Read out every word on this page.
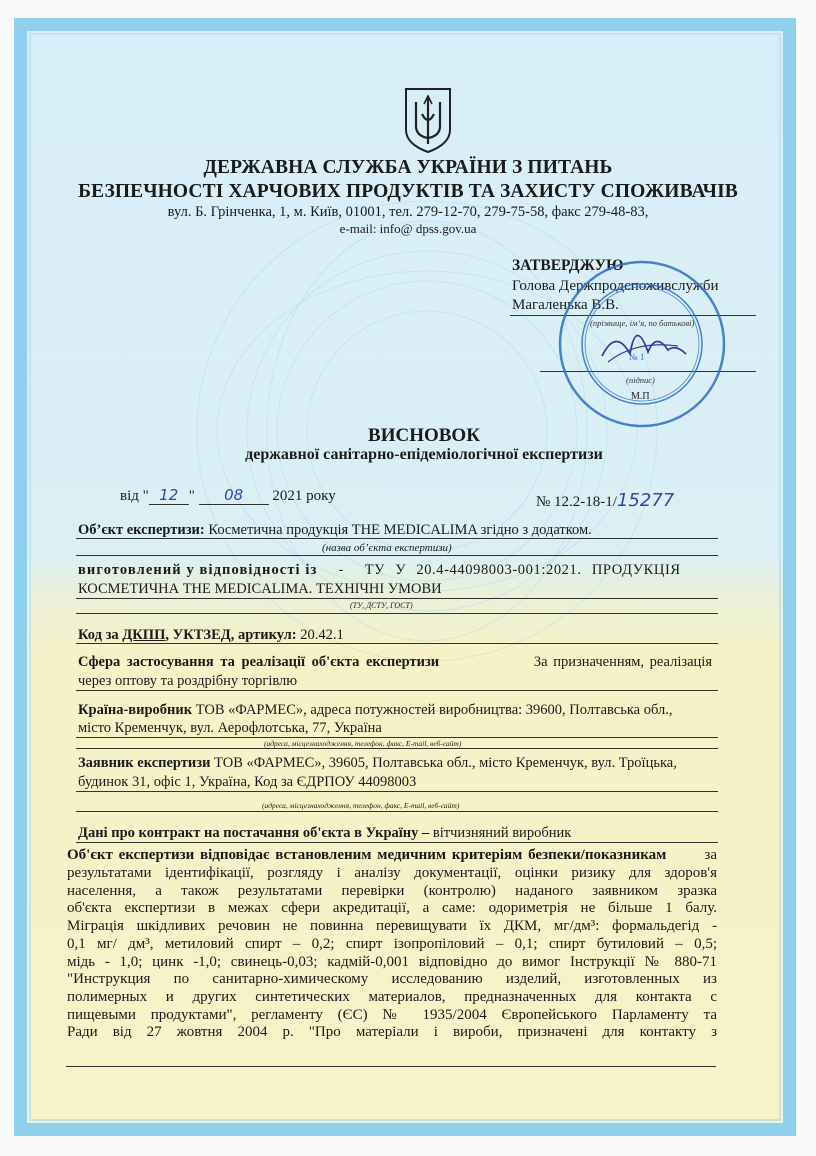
ДЕРЖАВНА СЛУЖБА УКРАЇНИ З ПИТАНЬ
БЕЗПЕЧНОСТІ ХАРЧОВИХ ПРОДУКТІВ ТА ЗАХИСТУ СПОЖИВАЧІВ
вул. Б. Грінченка, 1, м. Київ, 01001, тел. 279-12-70, 279-75-58, факс 279-48-83,
e-mail: info@ dpss.gov.ua
ЗАТВЕРДЖУЮ
Голова Держпродспоживслужби
Магаленька В.В.
(прізвище, ім’я, по батькові)
(підпис)
М.П
№ 1
ВИСНОВОК
державної санітарно-епідеміологічної експертизи
від " 12 " 08 2021 року	№ 12.2-18-1/15277
Об’єкт експертизи: Косметична продукція THE MEDICALIMA згідно з додатком.
(назва об’єкта експертизи)
виготовлений у відповідності із - ТУ У 20.4-44098003-001:2021. ПРОДУКЦІЯ
КОСМЕТИЧНА THE MEDICALIMA. ТЕХНІЧНІ УМОВИ
(ТУ, ДСТУ, ГОСТ)
Код за ДКПП, УКТЗЕД, артикул: 20.42.1
Сфера застосування та реалізації об'єкта експертизи	За призначенням, реалізація
через оптову та роздрібну торгівлю
Країна-виробник ТОВ «ФАРМЕС», адреса потужностей виробництва: 39600, Полтавська обл.,
місто Кременчук, вул. Аерофлотська, 77, Україна
(адреса, місцезнаходження, телефон, факс, E-mail, веб-сайт)
Заявник експертизи ТОВ «ФАРМЕС», 39605, Полтавська обл., місто Кременчук, вул. Троїцька,
будинок 31, офіс 1, Україна, Код за ЄДРПОУ 44098003
(адреса, місцезнаходження, телефон, факс, E-mail, веб-сайт)
Дані про контракт на постачання об'єкта в Україну – вітчизняний виробник
Об'єкт експертизи відповідає встановленим медичним критеріям безпеки/показникам	за
результатами ідентифікації, розгляду і аналізу документації, оцінки ризику для здоров'я
населення, а також результатами перевірки (контролю) наданого заявником зразка
об'єкта експертизи в межах сфери акредитації, а саме: одориметрія не більше 1 балу.
Міграція шкідливих речовин не повинна перевищувати їх ДКМ, мг/дм³: формальдегід -
0,1 мг/ дм³, метиловий спирт – 0,2; спирт ізопропіловий – 0,1; спирт бутиловий – 0,5;
мідь - 1,0; цинк -1,0; свинець-0,03; кадмій-0,001 відповідно до вимог Інструкції № 880-71
"Инструкция по санитарно-химическому исследованию изделий, изготовленных из
полимерных и других синтетических материалов, предназначенных для контакта с
пищевыми продуктами", регламенту (ЄС) № 1935/2004 Європейського Парламенту та
Ради від 27 жовтня 2004 р. "Про матеріали і вироби, призначені для контакту з
